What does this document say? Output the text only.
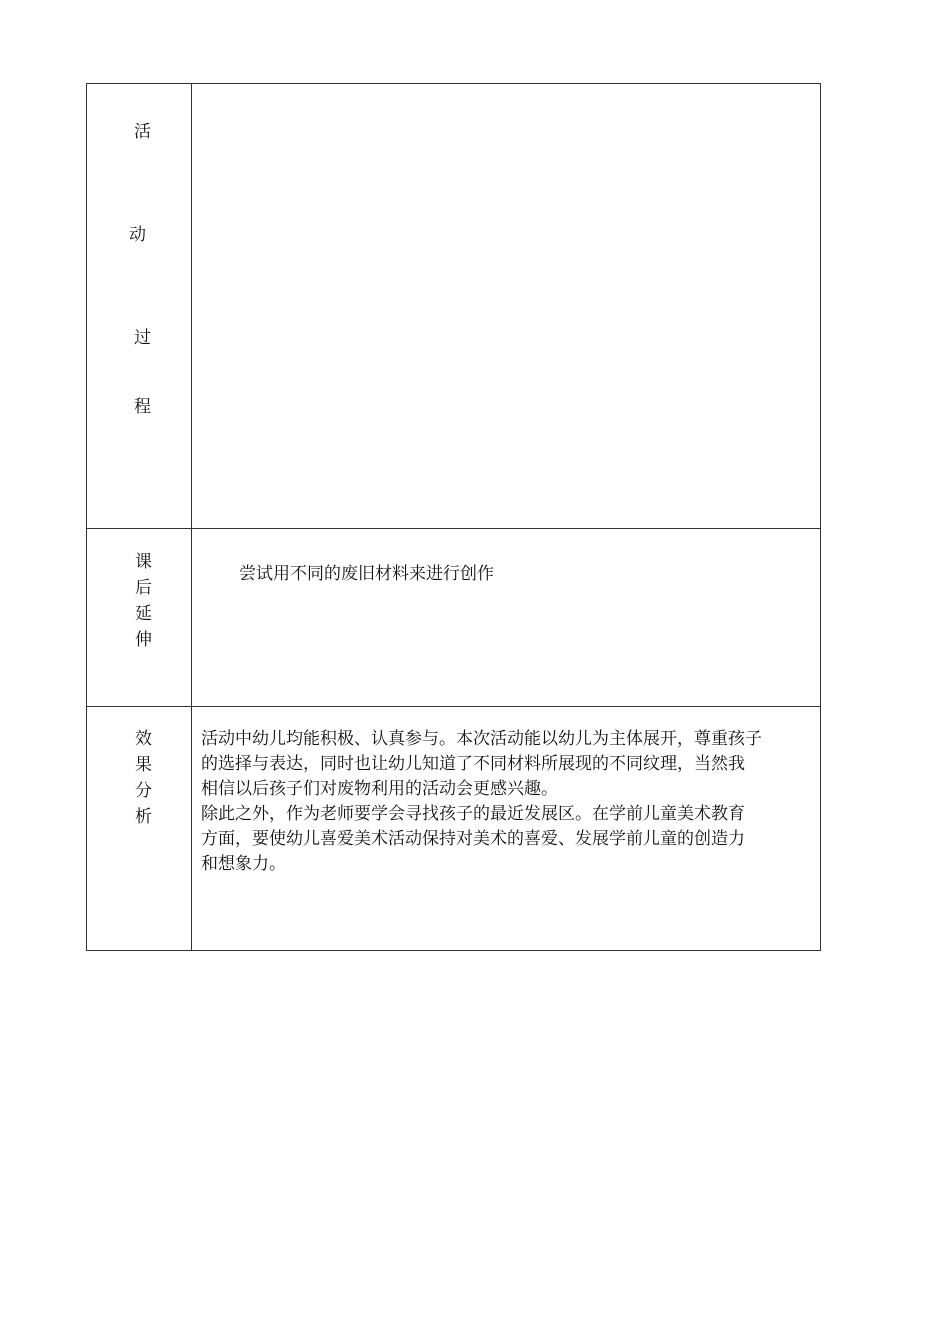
活
动
过
程
课
后
延
伸
尝试用不同的废旧材料来进行创作
效
果
分
析
活动中幼儿均能积极、认真参与。本次活动能以幼儿为主体展开，尊重孩子
的选择与表达，同时也让幼儿知道了不同材料所展现的不同纹理，当然我
相信以后孩子们对废物利用的活动会更感兴趣。
除此之外，作为老师要学会寻找孩子的最近发展区。在学前儿童美术教育
方面，要使幼儿喜爱美术活动保持对美术的喜爱、发展学前儿童的创造力
和想象力。
